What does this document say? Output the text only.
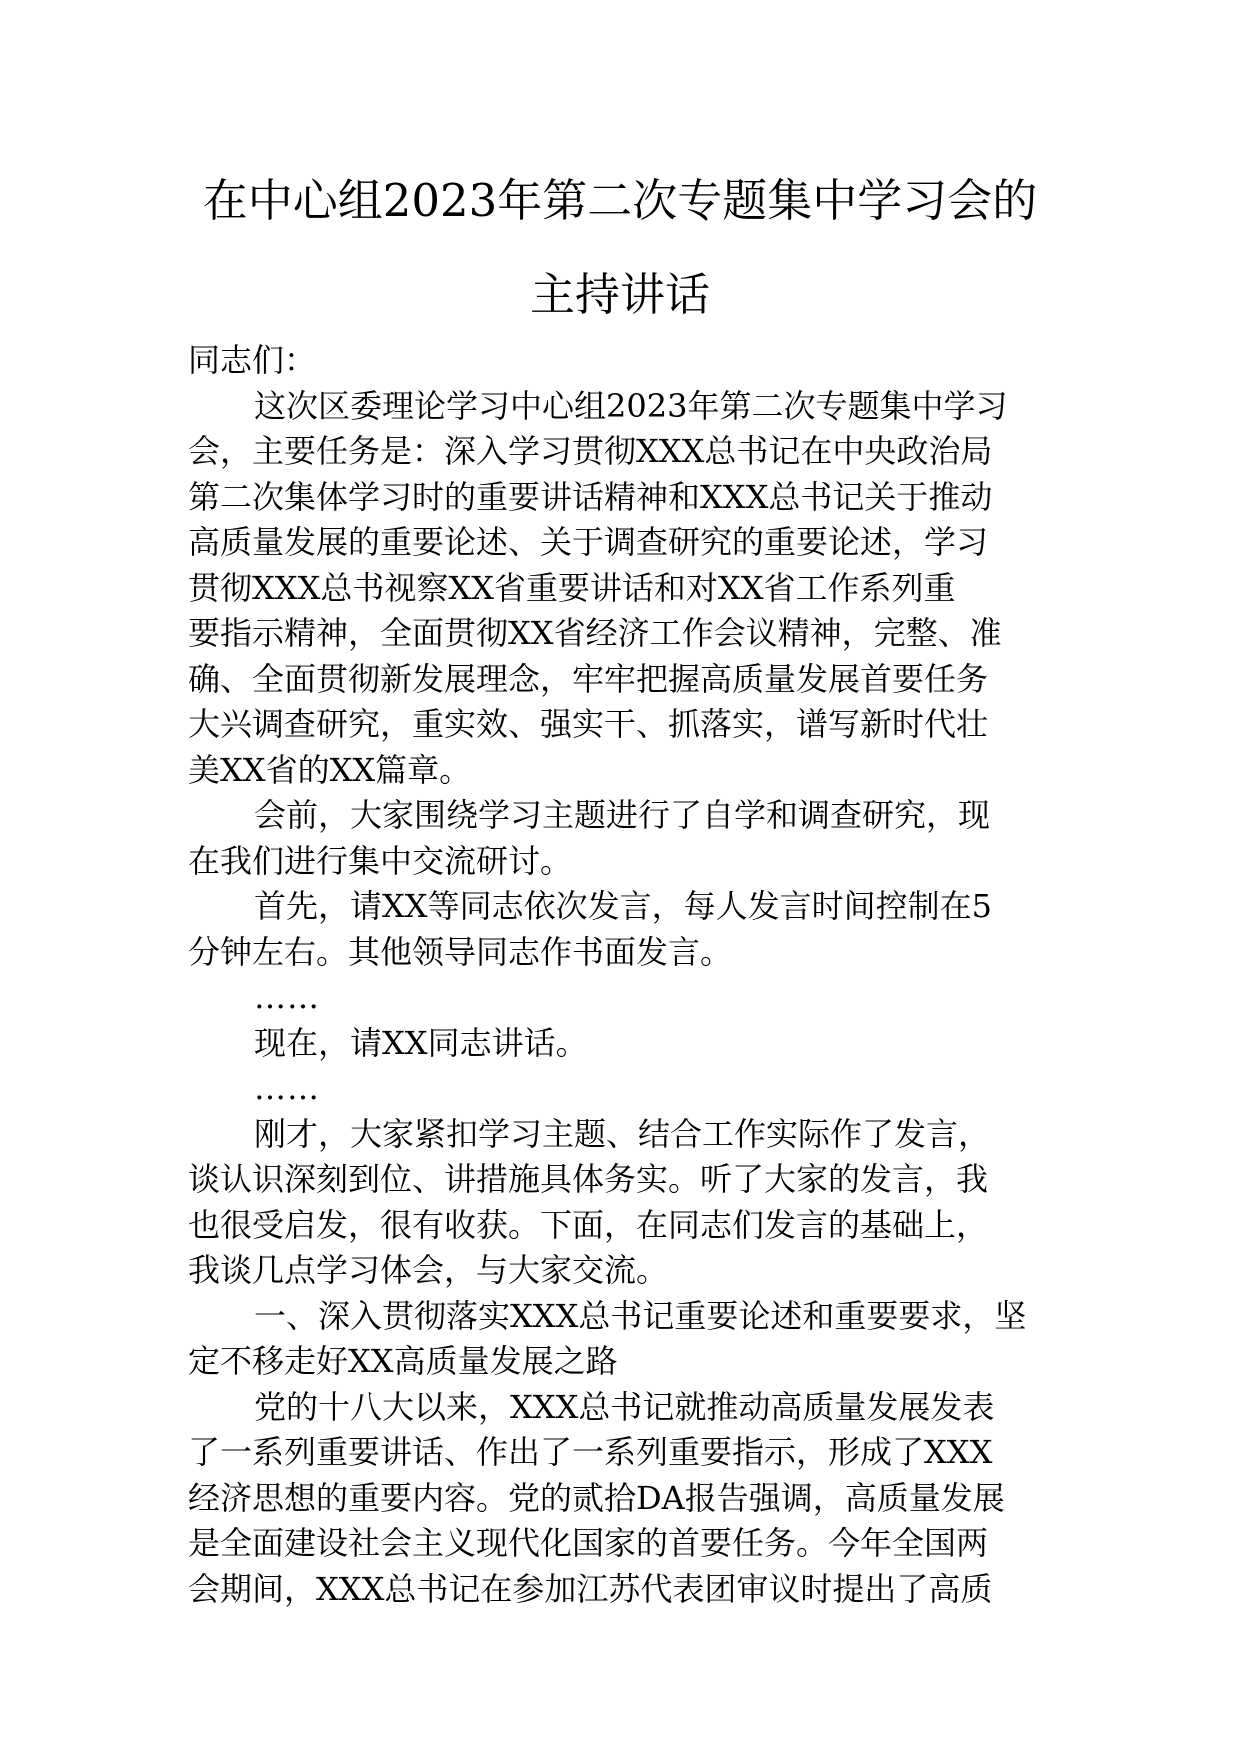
在中心组2023年第二次专题集中学习会的
主持讲话
同志们：
这次区委理论学习中心组2023年第二次专题集中学习
会，主要任务是：深入学习贯彻XXX总书记在中央政治局
第二次集体学习时的重要讲话精神和XXX总书记关于推动
高质量发展的重要论述、关于调查研究的重要论述，学习
贯彻XXX总书视察XX省重要讲话和对XX省工作系列重
要指示精神，全面贯彻XX省经济工作会议精神，完整、准
确、全面贯彻新发展理念，牢牢把握高质量发展首要任务
大兴调查研究，重实效、强实干、抓落实，谱写新时代壮
美XX省的XX篇章。
会前，大家围绕学习主题进行了自学和调查研究，现
在我们进行集中交流研讨。
首先，请XX等同志依次发言，每人发言时间控制在5
分钟左右。其他领导同志作书面发言。
……
现在，请XX同志讲话。
……
刚才，大家紧扣学习主题、结合工作实际作了发言，
谈认识深刻到位、讲措施具体务实。听了大家的发言，我
也很受启发，很有收获。下面，在同志们发言的基础上，
我谈几点学习体会，与大家交流。
一、深入贯彻落实XXX总书记重要论述和重要要求，坚
定不移走好XX高质量发展之路
党的十八大以来，XXX总书记就推动高质量发展发表
了一系列重要讲话、作出了一系列重要指示，形成了XXX
经济思想的重要内容。党的贰拾DA报告强调，高质量发展
是全面建设社会主义现代化国家的首要任务。今年全国两
会期间，XXX总书记在参加江苏代表团审议时提出了高质
